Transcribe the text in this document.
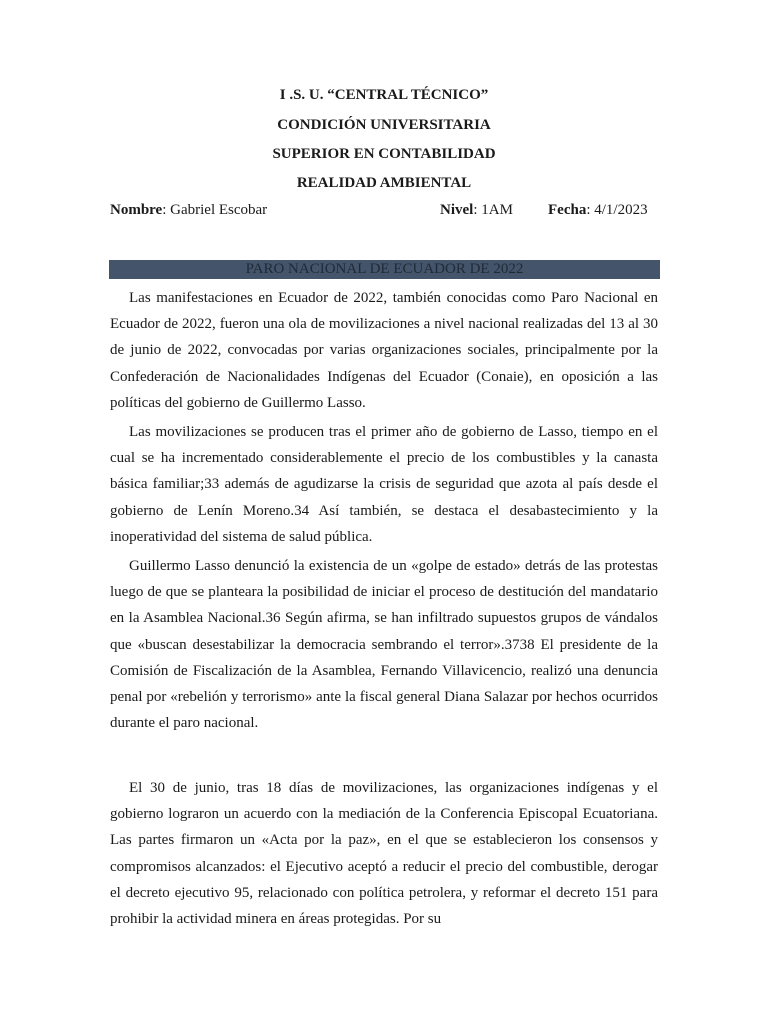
I .S. U. “CENTRAL TÉCNICO”
CONDICIÓN UNIVERSITARIA
SUPERIOR EN CONTABILIDAD
REALIDAD AMBIENTAL
Nombre: Gabriel Escobar	Nivel: 1AM Fecha: 4/1/2023
PARO NACIONAL DE ECUADOR DE 2022

Las manifestaciones en Ecuador de 2022, también conocidas como Paro Nacional en Ecuador de 2022, fueron una ola de movilizaciones a nivel nacional realizadas del 13 al 30 de junio de 2022, convocadas por varias organizaciones sociales, principalmente por la Confederación de Nacionalidades Indígenas del Ecuador (Conaie), en oposición a las políticas del gobierno de Guillermo Lasso.

Las movilizaciones se producen tras el primer año de gobierno de Lasso, tiempo en el cual se ha incrementado considerablemente el precio de los combustibles y la canasta básica familiar;33 además de agudizarse la crisis de seguridad que azota al país desde el gobierno de Lenín Moreno.34 Así también, se destaca el desabastecimiento y la inoperatividad del sistema de salud pública.

Guillermo Lasso denunció la existencia de un «golpe de estado» detrás de las protestas luego de que se planteara la posibilidad de iniciar el proceso de destitución del mandatario en la Asamblea Nacional.36 Según afirma, se han infiltrado supuestos grupos de vándalos que «buscan desestabilizar la democracia sembrando el terror».3738 El presidente de la Comisión de Fiscalización de la Asamblea, Fernando Villavicencio, realizó una denuncia penal por «rebelión y terrorismo» ante la fiscal general Diana Salazar por hechos ocurridos durante el paro nacional.

El 30 de junio, tras 18 días de movilizaciones, las organizaciones indígenas y el gobierno lograron un acuerdo con la mediación de la Conferencia Episcopal Ecuatoriana. Las partes firmaron un «Acta por la paz», en el que se establecieron los consensos y compromisos alcanzados: el Ejecutivo aceptó a reducir el precio del combustible, derogar el decreto ejecutivo 95, relacionado con política petrolera, y reformar el decreto 151 para prohibir la actividad minera en áreas protegidas. Por su
